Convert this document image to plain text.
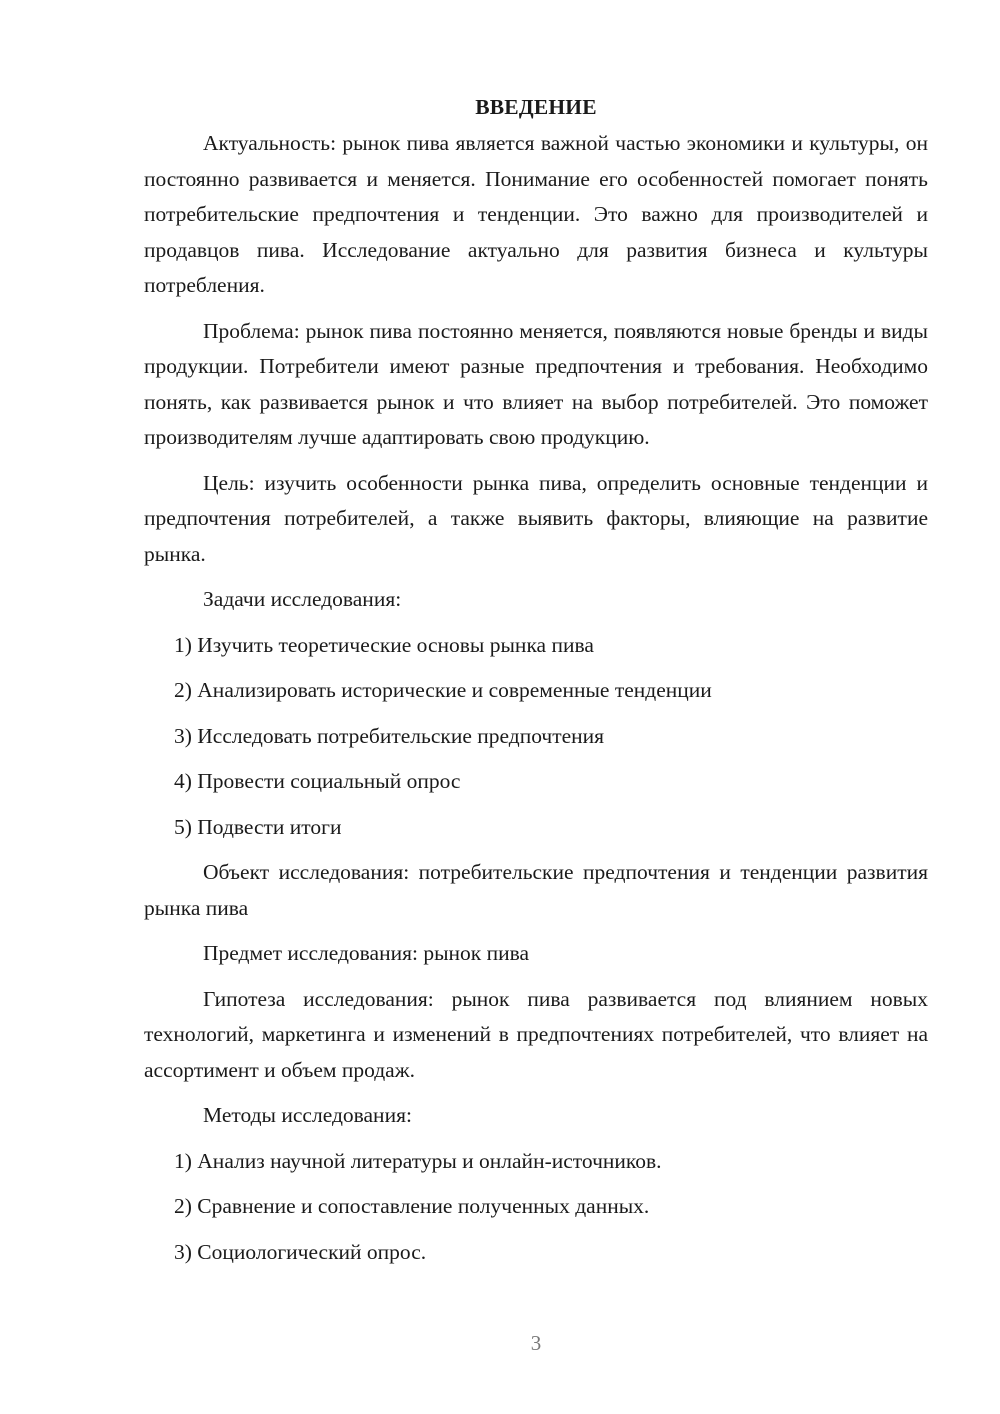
ВВЕДЕНИЕ

Актуальность: рынок пива является важной частью экономики и культуры, он постоянно развивается и меняется. Понимание его особенностей помогает понять потребительские предпочтения и тенденции. Это важно для производителей и продавцов пива. Исследование актуально для развития бизнеса и культуры потребления.

Проблема: рынок пива постоянно меняется, появляются новые бренды и виды продукции. Потребители имеют разные предпочтения и требования. Необходимо понять, как развивается рынок и что влияет на выбор потребителей. Это поможет производителям лучше адаптировать свою продукцию.

Цель: изучить особенности рынка пива, определить основные тенденции и предпочтения потребителей, а также выявить факторы, влияющие на развитие рынка.

Задачи исследования:

1) Изучить теоретические основы рынка пива
2) Анализировать исторические и современные тенденции
3) Исследовать потребительские предпочтения
4) Провести социальный опрос
5) Подвести итоги

Объект исследования: потребительские предпочтения и тенденции развития рынка пива

Предмет исследования: рынок пива

Гипотеза исследования: рынок пива развивается под влиянием новых технологий, маркетинга и изменений в предпочтениях потребителей, что влияет на ассортимент и объем продаж.

Методы исследования:

1) Анализ научной литературы и онлайн-источников.
2) Сравнение и сопоставление полученных данных.
3) Социологический опрос.
3
